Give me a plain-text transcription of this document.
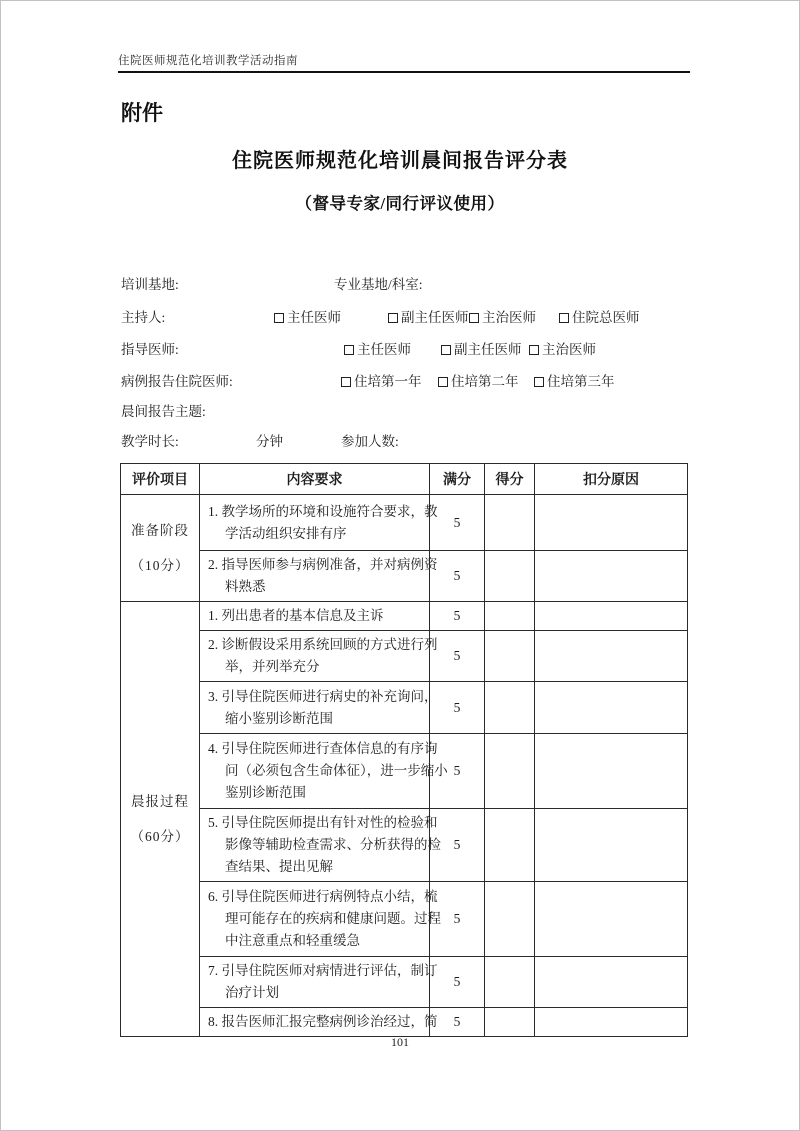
住院医师规范化培训教学活动指南
附件
住院医师规范化培训晨间报告评分表
（督导专家/同行评议使用）
培训基地:	专业基地/科室:
主持人:	主任医师	副主任医师	主治医师	住院总医师
指导医师:	主任医师	副主任医师	主治医师
病例报告住院医师:	住培第一年	住培第二年	住培第三年
晨间报告主题:
教学时长:	分钟	参加人数:
评价项目	内容要求	满分	得分	扣分原因

准备阶段
（10分）	1. 教学场所的环境和设施符合要求，教
学活动组织安排有序	5		

	2. 指导医师参与病例准备，并对病例资
料熟悉	5		

晨报过程
（60分）	1. 列出患者的基本信息及主诉	5		

	2. 诊断假设采用系统回顾的方式进行列
举，并列举充分	5		

	3. 引导住院医师进行病史的补充询问，
缩小鉴别诊断范围	5		

	4. 引导住院医师进行查体信息的有序询
问（必须包含生命体征），进一步缩小
鉴别诊断范围	5		

	5. 引导住院医师提出有针对性的检验和
影像等辅助检查需求、分析获得的检
查结果、提出见解	5		

	6. 引导住院医师进行病例特点小结，梳
理可能存在的疾病和健康问题。过程
中注意重点和轻重缓急	5		

	7. 引导住院医师对病情进行评估，制订
治疗计划	5		

	8. 报告医师汇报完整病例诊治经过，简	5		
101
